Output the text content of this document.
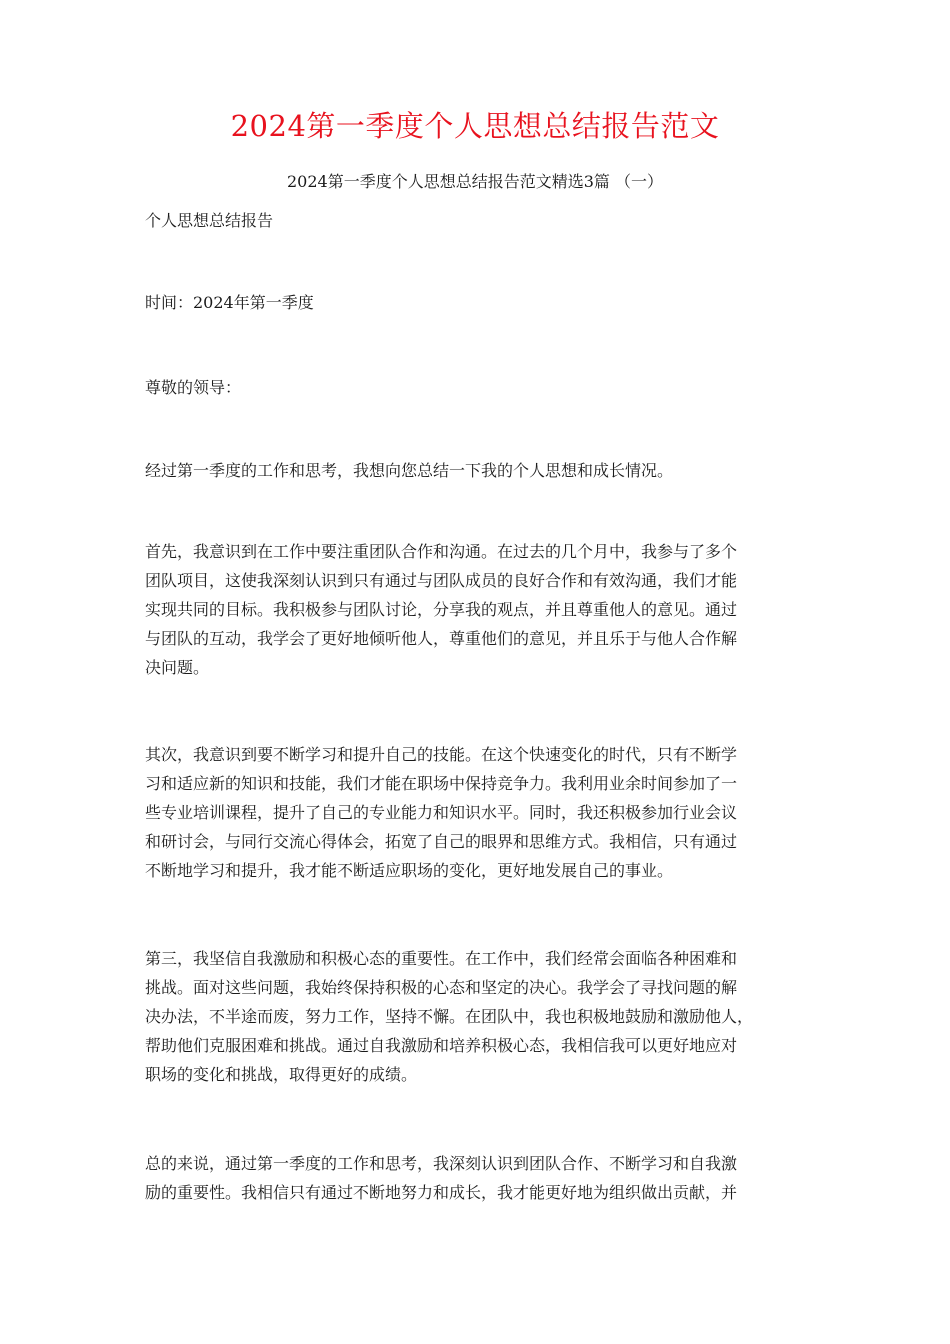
2024第一季度个人思想总结报告范文
2024第一季度个人思想总结报告范文精选3篇 （一）
个人思想总结报告
时间：2024年第一季度
尊敬的领导：
经过第一季度的工作和思考，我想向您总结一下我的个人思想和成长情况。
首先，我意识到在工作中要注重团队合作和沟通。在过去的几个月中，我参与了多个
团队项目，这使我深刻认识到只有通过与团队成员的良好合作和有效沟通，我们才能
实现共同的目标。我积极参与团队讨论，分享我的观点，并且尊重他人的意见。通过
与团队的互动，我学会了更好地倾听他人，尊重他们的意见，并且乐于与他人合作解
决问题。
其次，我意识到要不断学习和提升自己的技能。在这个快速变化的时代，只有不断学
习和适应新的知识和技能，我们才能在职场中保持竞争力。我利用业余时间参加了一
些专业培训课程，提升了自己的专业能力和知识水平。同时，我还积极参加行业会议
和研讨会，与同行交流心得体会，拓宽了自己的眼界和思维方式。我相信，只有通过
不断地学习和提升，我才能不断适应职场的变化，更好地发展自己的事业。
第三，我坚信自我激励和积极心态的重要性。在工作中，我们经常会面临各种困难和
挑战。面对这些问题，我始终保持积极的心态和坚定的决心。我学会了寻找问题的解
决办法，不半途而废，努力工作，坚持不懈。在团队中，我也积极地鼓励和激励他人，
帮助他们克服困难和挑战。通过自我激励和培养积极心态，我相信我可以更好地应对
职场的变化和挑战，取得更好的成绩。
总的来说，通过第一季度的工作和思考，我深刻认识到团队合作、不断学习和自我激
励的重要性。我相信只有通过不断地努力和成长，我才能更好地为组织做出贡献，并
